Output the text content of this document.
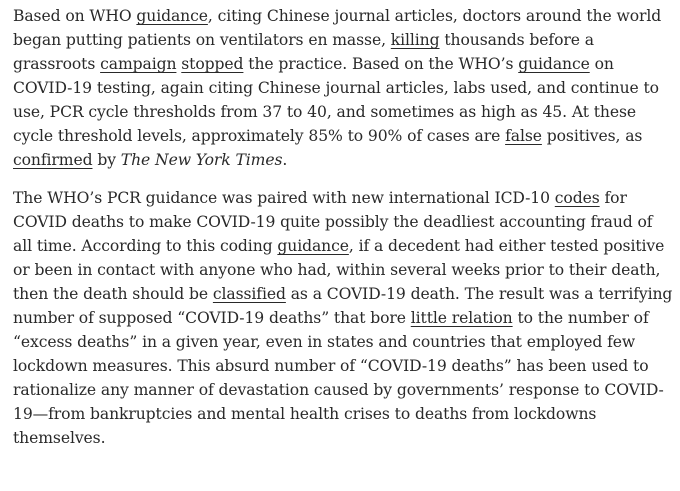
Based on WHO guidance, citing Chinese journal articles, doctors around the world began putting patients on ventilators en masse, killing thousands before a grassroots campaign stopped the practice. Based on the WHO’s guidance on COVID-19 testing, again citing Chinese journal articles, labs used, and continue to use, PCR cycle thresholds from 37 to 40, and sometimes as high as 45. At these cycle threshold levels, approximately 85% to 90% of cases are false positives, as confirmed by The New York Times.

The WHO’s PCR guidance was paired with new international ICD-10 codes for COVID deaths to make COVID-19 quite possibly the deadliest accounting fraud of all time. According to this coding guidance, if a decedent had either tested positive or been in contact with anyone who had, within several weeks prior to their death, then the death should be classified as a COVID-19 death. The result was a terrifying number of supposed “COVID-19 deaths” that bore little relation to the number of “excess deaths” in a given year, even in states and countries that employed few lockdown measures. This absurd number of “COVID-19 deaths” has been used to rationalize any manner of devastation caused by governments’ response to COVID-19—from bankruptcies and mental health crises to deaths from lockdowns themselves.
